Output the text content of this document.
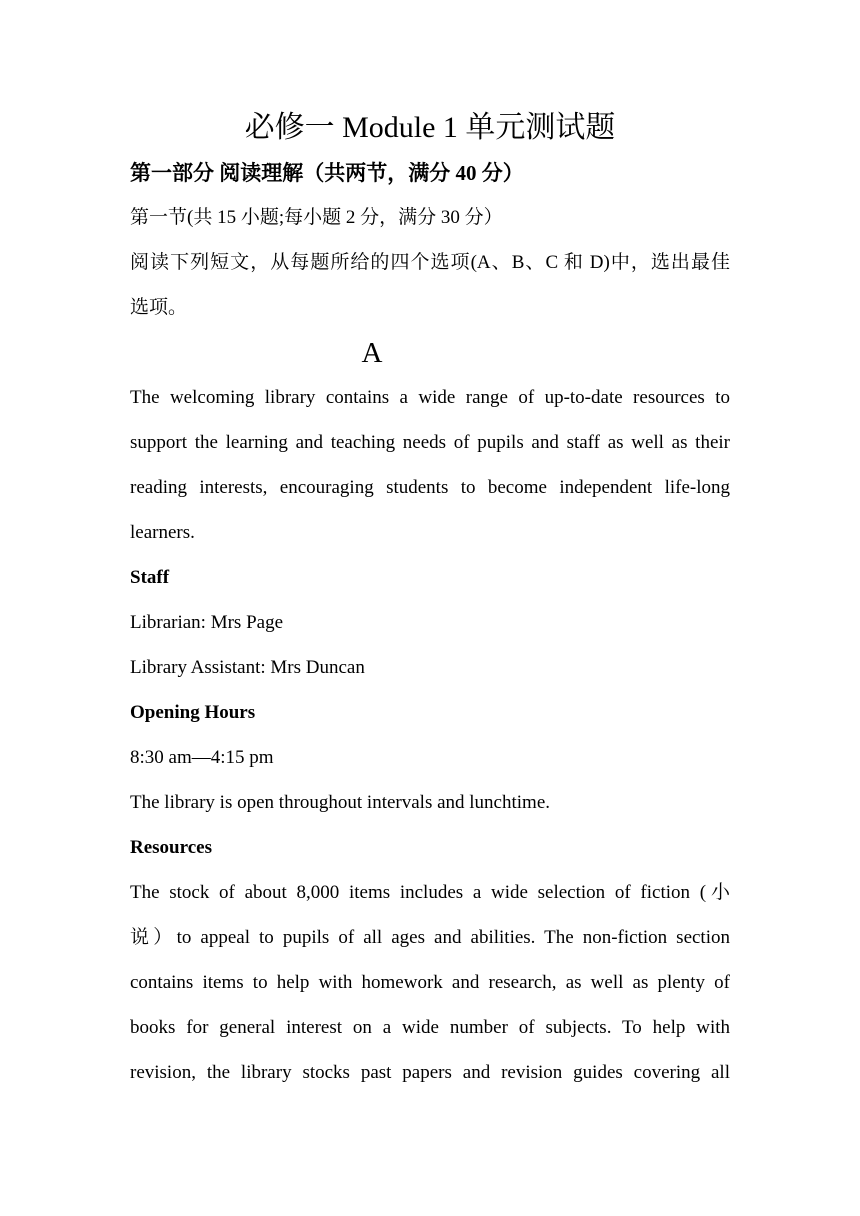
必修一 Module 1 单元测试题
第一部分 阅读理解（共两节，满分 40 分）
第一节(共 15 小题;每小题 2 分，满分 30 分）
阅读下列短文，从每题所给的四个选项(A、B、C 和 D)中，选出最佳
选项。
A
The welcoming library contains a wide range of up-to-date resources to
support the learning and teaching needs of pupils and staff as well as their
reading interests, encouraging students to become independent life-long
learners.
Staff
Librarian: Mrs Page
Library Assistant: Mrs Duncan
Opening Hours
8:30 am—4:15 pm
The library is open throughout intervals and lunchtime.
Resources
The stock of about 8,000 items includes a wide selection of fiction (小
说）to appeal to pupils of all ages and abilities. The non-fiction section
contains items to help with homework and research, as well as plenty of
books for general interest on a wide number of subjects. To help with
revision, the library stocks past papers and revision guides covering all
